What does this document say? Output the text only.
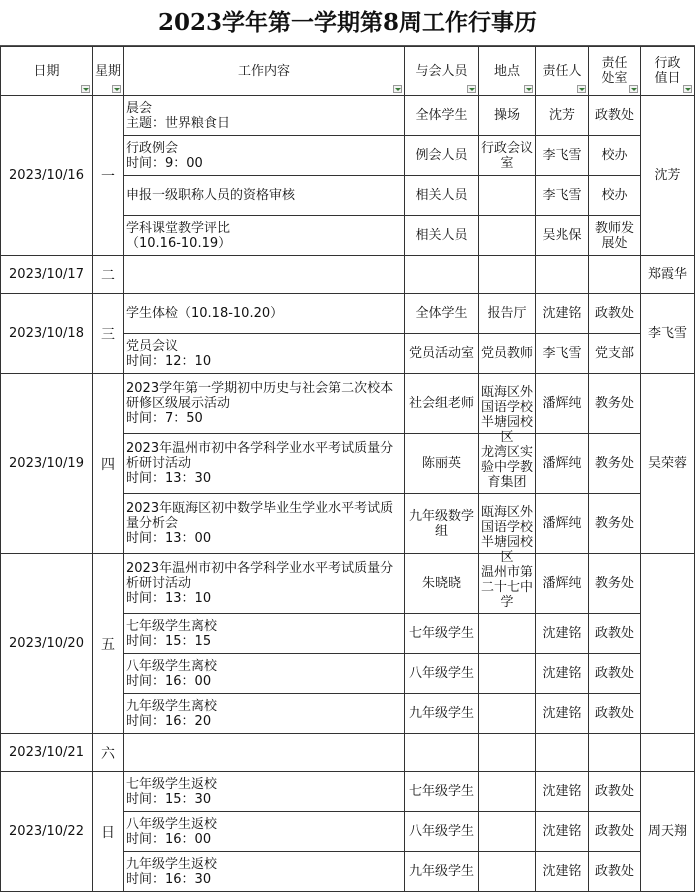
2023学年第一学期第8周工作行事历
日期	星期	工作内容	与会人员	地点	责任人	责任处室	行政值日

2023/10/16	一	晨会
主题：世界粮食日	全体学生	操场	沈芳	政教处	沈芳

		行政例会
时间：9：00	例会人员	行政会议室	李飞雪	校办	

		申报一级职称人员的资格审核	相关人员		李飞雪	校办	

		学科课堂教学评比
（10.16-10.19）	相关人员		吴兆保	教师发展处	

2023/10/17	二						郑霞华

2023/10/18	三	学生体检（10.18-10.20）	全体学生	报告厅	沈建铭	政教处	李飞雪

		党员会议
时间：12：10	党员活动室	党员教师	李飞雪	党支部	

2023/10/19	四	2023学年第一学期初中历史与社会第二次校本研修区级展示活动
时间：7：50	社会组老师	瓯海区外国语学校半塘园校区	潘辉纯	教务处	吴荣蓉

		2023年温州市初中各学科学业水平考试质量分析研讨活动
时间：13：30	陈丽英	龙湾区实验中学教育集团	潘辉纯	教务处	

		2023年瓯海区初中数学毕业生学业水平考试质量分析会
时间：13：00	九年级数学组	瓯海区外国语学校半塘园校区	潘辉纯	教务处	

2023/10/20	五	2023年温州市初中各学科学业水平考试质量分析研讨活动
时间：13：10	朱晓晓	温州市第二十七中学	潘辉纯	教务处	

		七年级学生离校
时间：15：15	七年级学生		沈建铭	政教处	

		八年级学生离校
时间：16：00	八年级学生		沈建铭	政教处	

		九年级学生离校
时间：16：20	九年级学生		沈建铭	政教处	

2023/10/21	六						

2023/10/22	日	七年级学生返校
时间：15：30	七年级学生		沈建铭	政教处	周天翔

		八年级学生返校
时间：16：00	八年级学生		沈建铭	政教处	

		九年级学生返校
时间：16：30	九年级学生		沈建铭	政教处	
